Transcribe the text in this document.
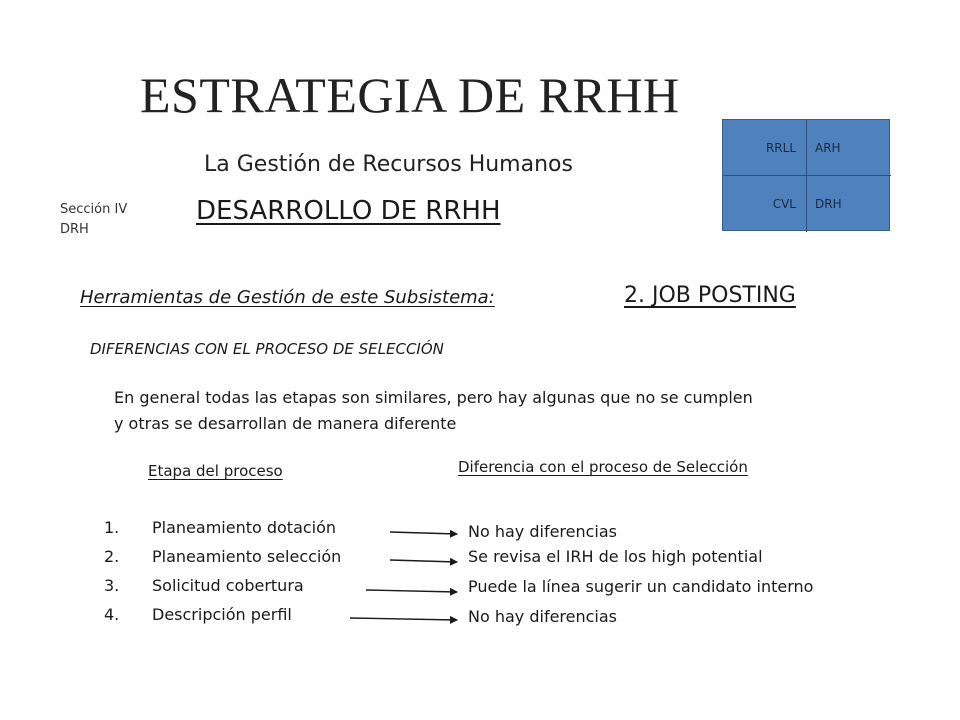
ESTRATEGIA DE RRHH
La Gestión de Recursos Humanos
Sección IV
DRH
DESARROLLO DE RRHH
RRLL	ARH
CVL	DRH
Herramientas de Gestión de este Subsistema:	2. JOB POSTING
DIFERENCIAS CON EL PROCESO DE SELECCIÓN
En general todas las etapas son similares, pero hay algunas que no se cumplen
y otras se desarrollan de manera diferente
Etapa del proceso	Diferencia con el proceso de Selección
1. Planeamiento dotación	No hay diferencias
2. Planeamiento selección	Se revisa el IRH de los high potential
3. Solicitud cobertura	Puede la línea sugerir un candidato interno
4. Descripción perfil	No hay diferencias
